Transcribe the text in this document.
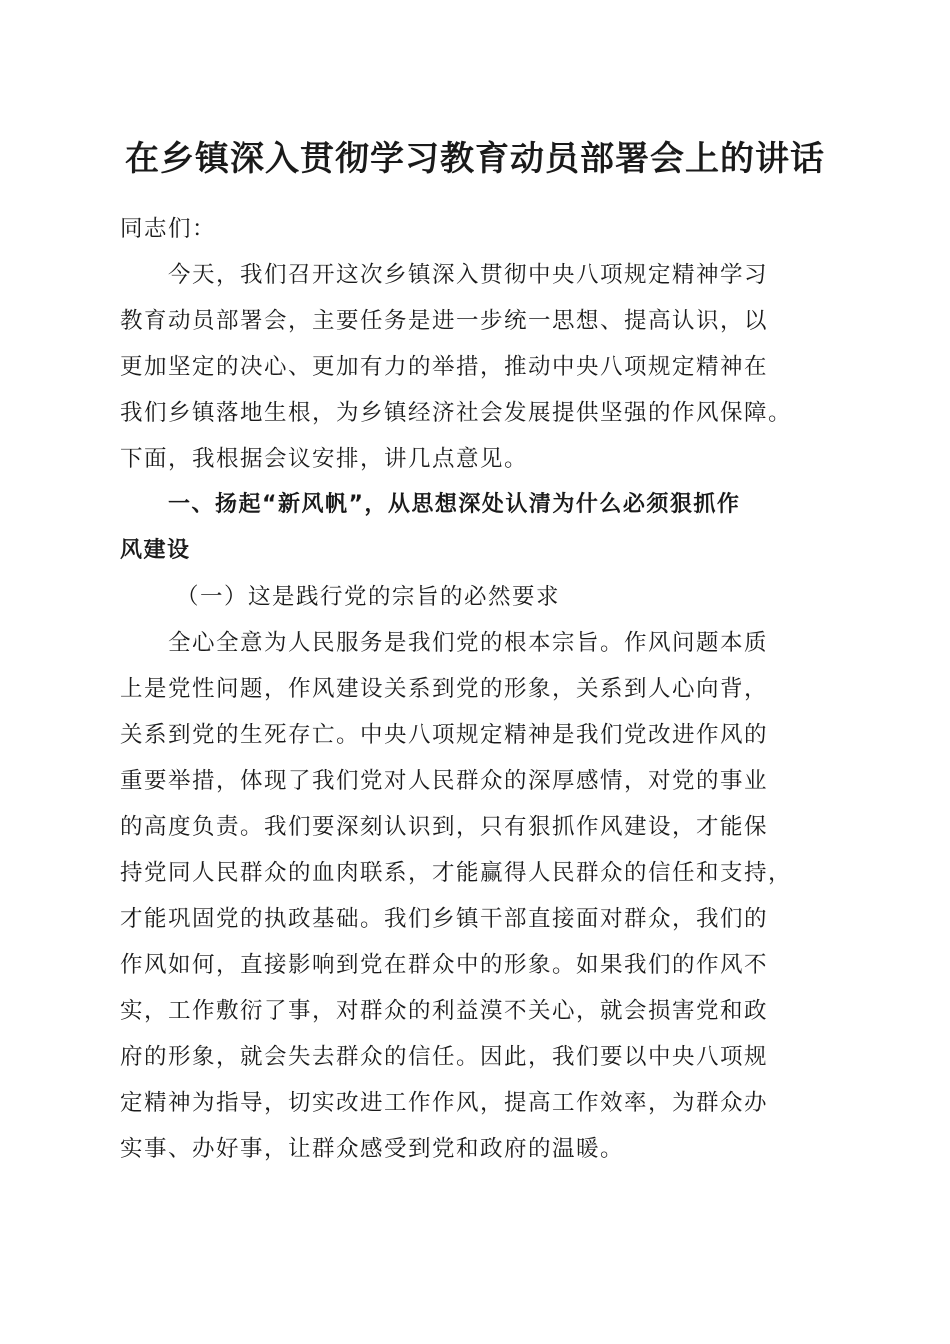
在乡镇深入贯彻学习教育动员部署会上的讲话
同志们：
今天，我们召开这次乡镇深入贯彻中央八项规定精神学习
教育动员部署会，主要任务是进一步统一思想、提高认识，以
更加坚定的决心、更加有力的举措，推动中央八项规定精神在
我们乡镇落地生根，为乡镇经济社会发展提供坚强的作风保障。
下面，我根据会议安排，讲几点意见。
一、扬起“新风帆”，从思想深处认清为什么必须狠抓作
风建设
（一）这是践行党的宗旨的必然要求
全心全意为人民服务是我们党的根本宗旨。作风问题本质
上是党性问题，作风建设关系到党的形象，关系到人心向背，
关系到党的生死存亡。中央八项规定精神是我们党改进作风的
重要举措，体现了我们党对人民群众的深厚感情，对党的事业
的高度负责。我们要深刻认识到，只有狠抓作风建设，才能保
持党同人民群众的血肉联系，才能赢得人民群众的信任和支持，
才能巩固党的执政基础。我们乡镇干部直接面对群众，我们的
作风如何，直接影响到党在群众中的形象。如果我们的作风不
实，工作敷衍了事，对群众的利益漠不关心，就会损害党和政
府的形象，就会失去群众的信任。因此，我们要以中央八项规
定精神为指导，切实改进工作作风，提高工作效率，为群众办
实事、办好事，让群众感受到党和政府的温暖。
